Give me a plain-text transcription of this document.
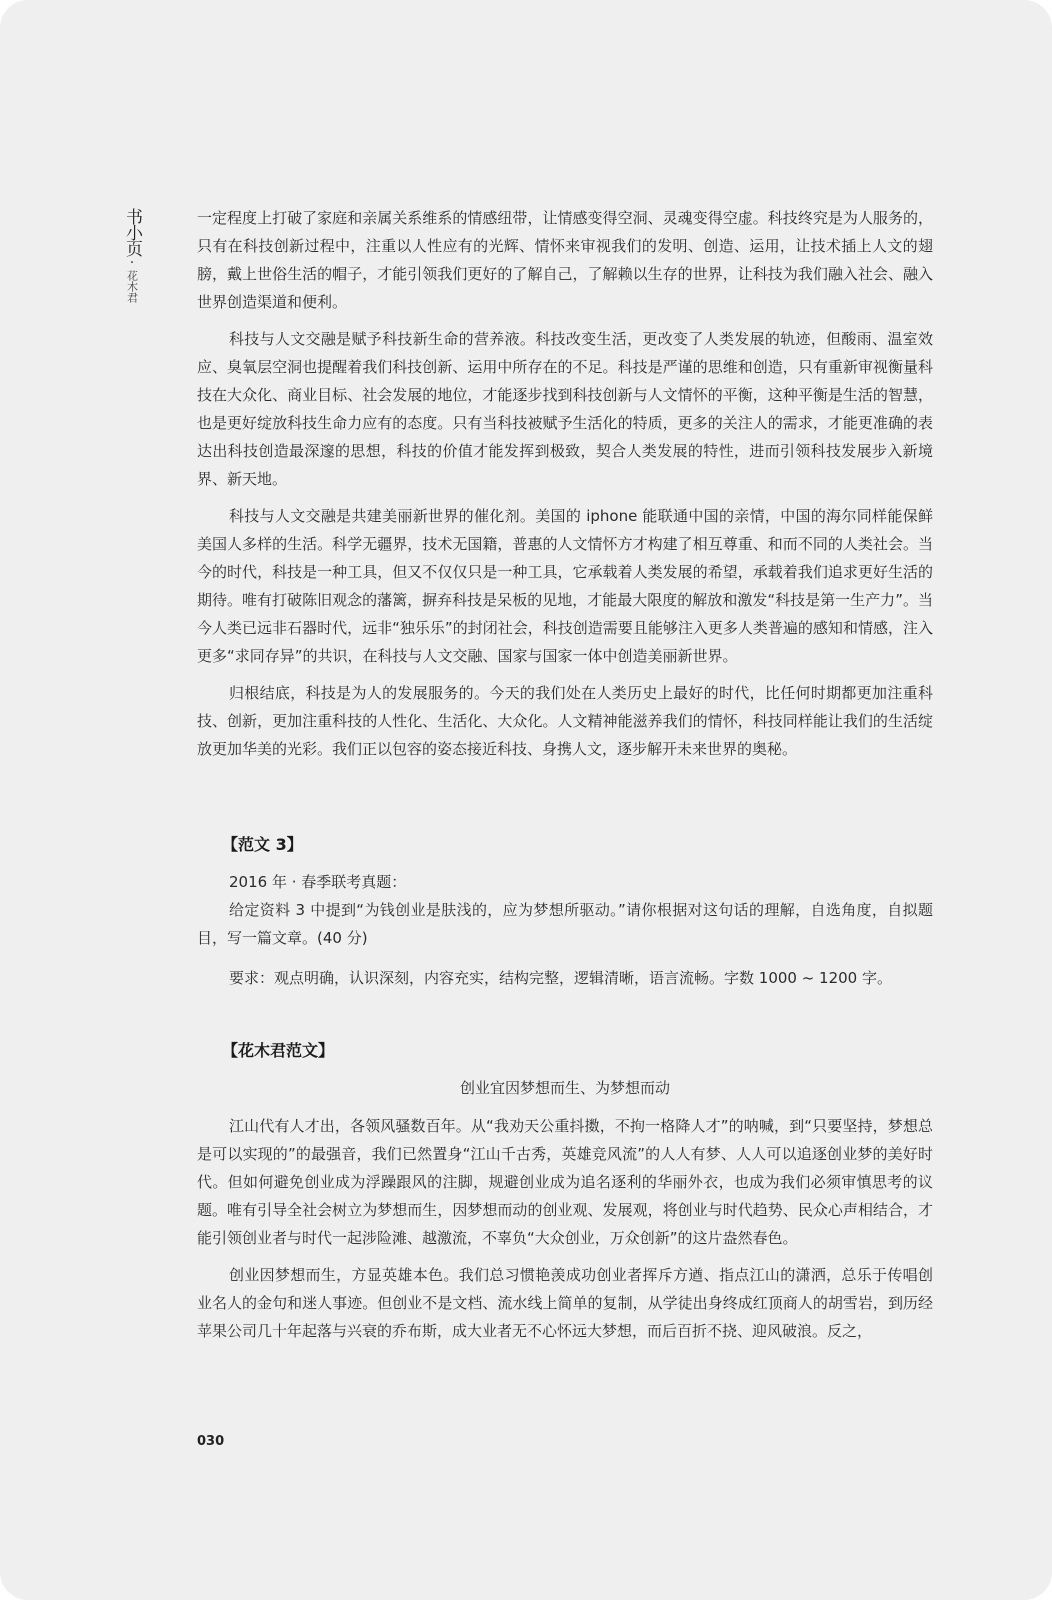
书小页
·
花木君

一定程度上打破了家庭和亲属关系维系的情感纽带，让情感变得空洞、灵魂变得空虚。科技终究是为人服务的，只有在科技创新过程中，注重以人性应有的光辉、情怀来审视我们的发明、创造、运用，让技术插上人文的翅膀，戴上世俗生活的帽子，才能引领我们更好的了解自己，了解赖以生存的世界，让科技为我们融入社会、融入世界创造渠道和便利。

科技与人文交融是赋予科技新生命的营养液。科技改变生活，更改变了人类发展的轨迹，但酸雨、温室效应、臭氧层空洞也提醒着我们科技创新、运用中所存在的不足。科技是严谨的思维和创造，只有重新审视衡量科技在大众化、商业目标、社会发展的地位，才能逐步找到科技创新与人文情怀的平衡，这种平衡是生活的智慧，也是更好绽放科技生命力应有的态度。只有当科技被赋予生活化的特质，更多的关注人的需求，才能更准确的表达出科技创造最深邃的思想，科技的价值才能发挥到极致，契合人类发展的特性，进而引领科技发展步入新境界、新天地。

科技与人文交融是共建美丽新世界的催化剂。美国的 iphone 能联通中国的亲情，中国的海尔同样能保鲜美国人多样的生活。科学无疆界，技术无国籍，普惠的人文情怀方才构建了相互尊重、和而不同的人类社会。当今的时代，科技是一种工具，但又不仅仅只是一种工具，它承载着人类发展的希望，承载着我们追求更好生活的期待。唯有打破陈旧观念的藩篱，摒弃科技是呆板的见地，才能最大限度的解放和激发“科技是第一生产力”。当今人类已远非石器时代，远非“独乐乐”的封闭社会，科技创造需要且能够注入更多人类普遍的感知和情感，注入更多“求同存异”的共识，在科技与人文交融、国家与国家一体中创造美丽新世界。

归根结底，科技是为人的发展服务的。今天的我们处在人类历史上最好的时代，比任何时期都更加注重科技、创新，更加注重科技的人性化、生活化、大众化。人文精神能滋养我们的情怀，科技同样能让我们的生活绽放更加华美的光彩。我们正以包容的姿态接近科技、身携人文，逐步解开未来世界的奥秘。

【范文 3】

2016 年 · 春季联考真题：

给定资料 3 中提到“为钱创业是肤浅的，应为梦想所驱动。”请你根据对这句话的理解，自选角度，自拟题目，写一篇文章。(40 分)

要求：观点明确，认识深刻，内容充实，结构完整，逻辑清晰，语言流畅。字数 1000 ~ 1200 字。

【花木君范文】
创业宜因梦想而生、为梦想而动

江山代有人才出，各领风骚数百年。从“我劝天公重抖擞，不拘一格降人才”的呐喊，到“只要坚持，梦想总是可以实现的”的最强音，我们已然置身“江山千古秀，英雄竞风流”的人人有梦、人人可以追逐创业梦的美好时代。但如何避免创业成为浮躁跟风的注脚，规避创业成为追名逐利的华丽外衣，也成为我们必须审慎思考的议题。唯有引导全社会树立为梦想而生，因梦想而动的创业观、发展观，将创业与时代趋势、民众心声相结合，才能引领创业者与时代一起涉险滩、越激流，不辜负“大众创业，万众创新”的这片盎然春色。

创业因梦想而生，方显英雄本色。我们总习惯艳羡成功创业者挥斥方遒、指点江山的潇洒，总乐于传唱创业名人的金句和迷人事迹。但创业不是文档、流水线上简单的复制，从学徒出身终成红顶商人的胡雪岩，到历经苹果公司几十年起落与兴衰的乔布斯，成大业者无不心怀远大梦想，而后百折不挠、迎风破浪。反之，

030
